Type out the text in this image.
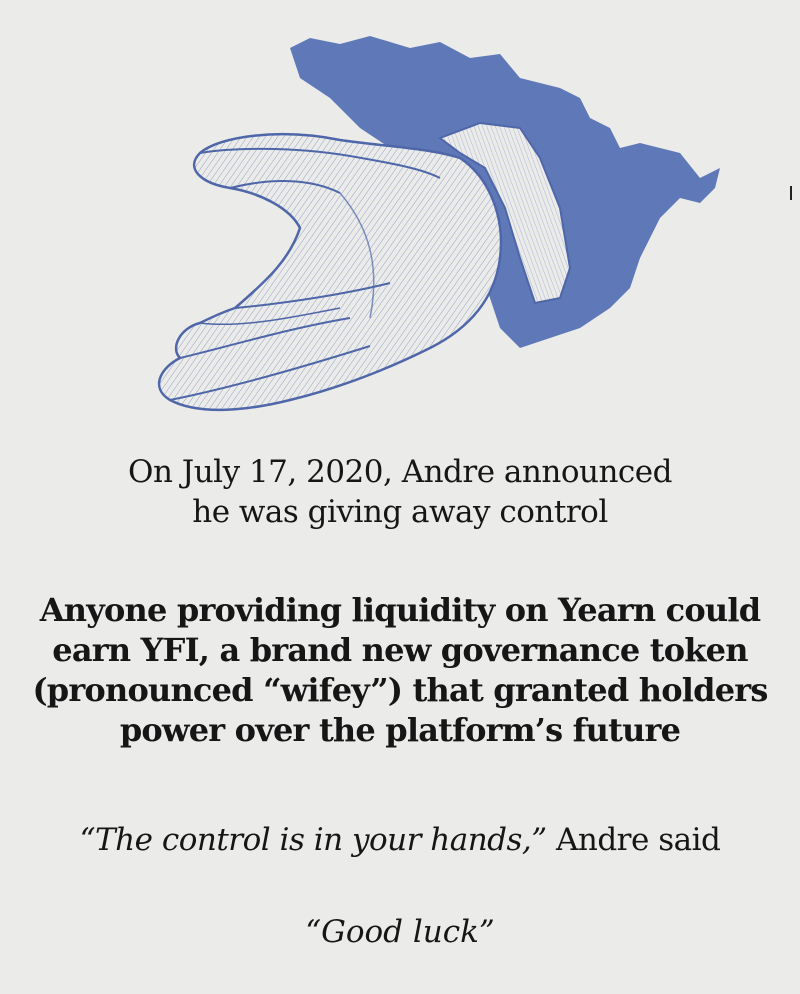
On July 17, 2020, Andre announced
he was giving away control
Anyone providing liquidity on Yearn could
earn YFI, a brand new governance token
(pronounced “wifey”) that granted holders
power over the platform’s future
“The control is in your hands,” Andre said
“Good luck”
